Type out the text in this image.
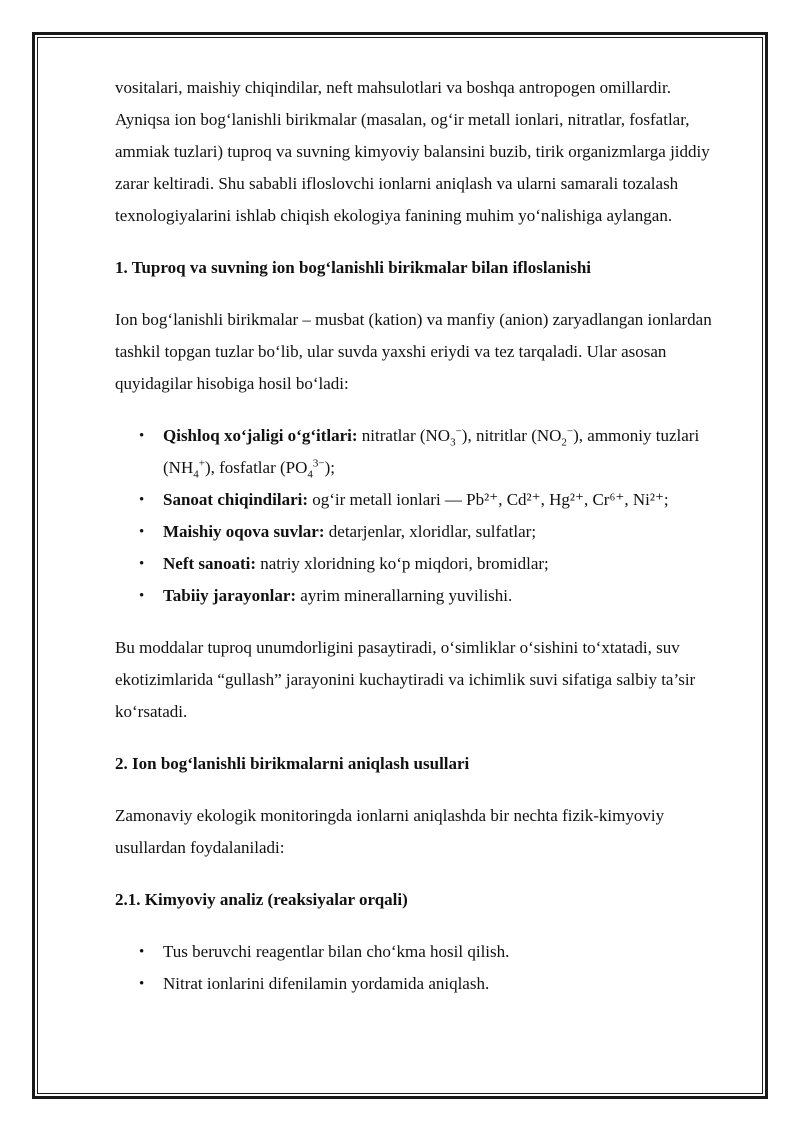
vositalari, maishiy chiqindilar, neft mahsulotlari va boshqa antropogen omillardir. Ayniqsa ion bog‘lanishli birikmalar (masalan, og‘ir metall ionlari, nitratlar, fosfatlar, ammiak tuzlari) tuproq va suvning kimyoviy balansini buzib, tirik organizmlarga jiddiy zarar keltiradi. Shu sababli ifloslovchi ionlarni aniqlash va ularni samarali tozalash texnologiyalarini ishlab chiqish ekologiya fanining muhim yo‘nalishiga aylangan.

1. Tuproq va suvning ion bog‘lanishli birikmalar bilan ifloslanishi

Ion bog‘lanishli birikmalar – musbat (kation) va manfiy (anion) zaryadlangan ionlardan tashkil topgan tuzlar bo‘lib, ular suvda yaxshi eriydi va tez tarqaladi. Ular asosan quyidagilar hisobiga hosil bo‘ladi:

• Qishloq xo‘jaligi o‘g‘itlari: nitratlar $(NO_3^-)$, nitritlar $(NO_2^-)$, ammoniy tuzlari $(NH_4^+)$, fosfatlar $(PO_4^{3-})$;
• Sanoat chiqindilari: og‘ir metall ionlari — Pb²⁺, Cd²⁺, Hg²⁺, Cr⁶⁺, Ni²⁺;
• Maishiy oqova suvlar: detarjenlar, xloridlar, sulfatlar;
• Neft sanoati: natriy xloridning ko‘p miqdori, bromidlar;
• Tabiiy jarayonlar: ayrim minerallarning yuvilishi.

Bu moddalar tuproq unumdorligini pasaytiradi, o‘simliklar o‘sishini to‘xtatadi, suv ekotizimlarida “gullash” jarayonini kuchaytiradi va ichimlik suvi sifatiga salbiy ta’sir ko‘rsatadi.

2. Ion bog‘lanishli birikmalarni aniqlash usullari

Zamonaviy ekologik monitoringda ionlarni aniqlashda bir nechta fizik-kimyoviy usullardan foydalaniladi:

2.1. Kimyoviy analiz (reaksiyalar orqali)
• Tus beruvchi reagentlar bilan cho‘kma hosil qilish.
• Nitrat ionlarini difenilamin yordamida aniqlash.
